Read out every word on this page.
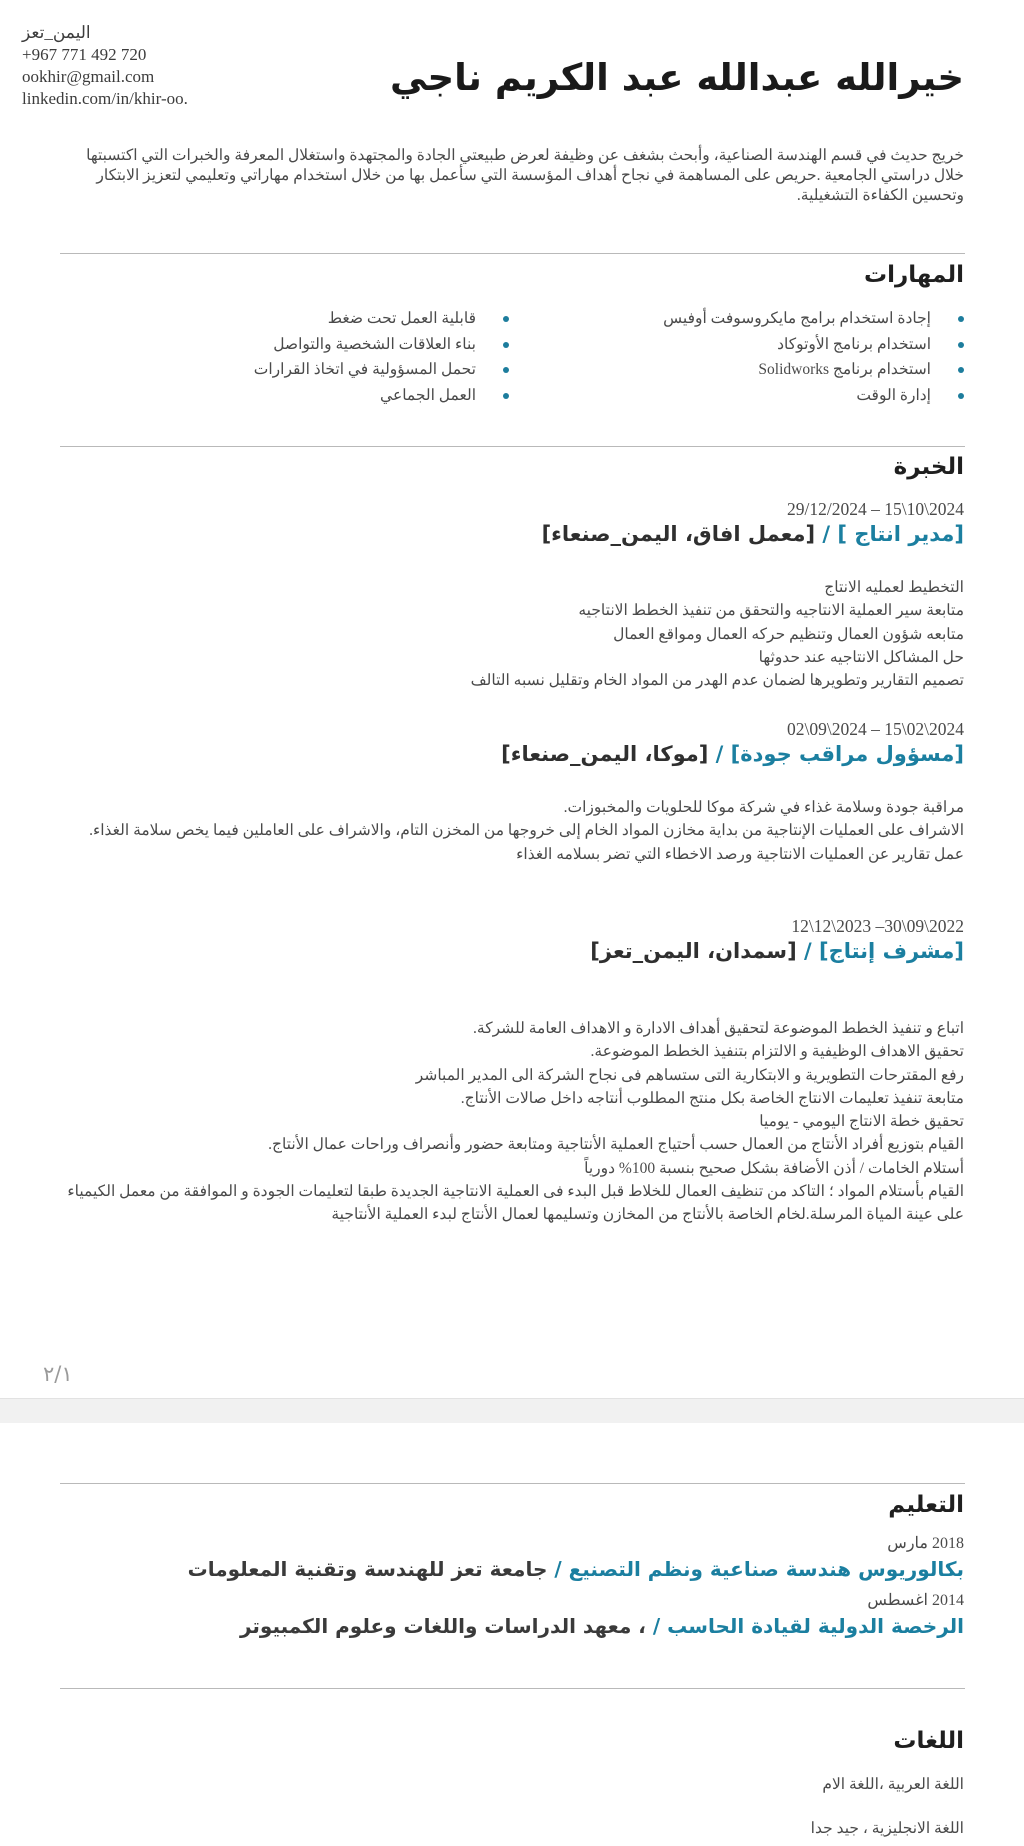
اليمن_تعز
+967 771 492 720
ookhir@gmail.com
linkedin.com/in/khir-oo.	خيرالله عبدالله عبد الكريم ناجي
خريج حديث في قسم الهندسة الصناعية، وأبحث بشغف عن وظيفة لعرض طبيعتي الجادة والمجتهدة واستغلال المعرفة والخبرات التي اكتسبتها خلال دراستي الجامعية .حريص على المساهمة في نجاح أهداف المؤسسة التي سأعمل بها من خلال استخدام مهاراتي وتعليمي لتعزيز الابتكار وتحسين الكفاءة التشغيلية.
المهارات
إجادة استخدام برامج مايكروسوفت أوفيس
استخدام برنامج الأوتوكاد
استخدام برنامج Solidworks
إدارة الوقت
قابلية العمل تحت ضغط
بناء العلاقات الشخصية والتواصل
تحمل المسؤولية في اتخاذ القرارات
العمل الجماعي
الخبرة
29/12/2024 – 15\10\2024
[مدير انتاج ] / [معمل افاق، اليمن_صنعاء]
التخطيط لعمليه الانتاج
متابعة سير العملية الانتاجيه والتحقق من تنفيذ الخطط الانتاجيه
متابعه شؤون العمال وتنظيم حركه العمال ومواقع العمال
حل المشاكل الانتاجيه عند حدوثها
تصميم التقارير وتطويرها لضمان عدم الهدر من المواد الخام وتقليل نسبه التالف
02\09\2024 – 15\02\2024
[مسؤول مراقب جودة] / [موكا، اليمن_صنعاء]
مراقبة جودة وسلامة غذاء في شركة موكا للحلويات والمخبوزات.
الاشراف على العمليات الإنتاجية من بداية مخازن المواد الخام إلى خروجها من المخزن التام، والاشراف على العاملين فيما يخص سلامة الغذاء.
عمل تقارير عن العمليات الانتاجية ورصد الاخطاء التي تضر بسلامه الغذاء
12\12\2023 –30\09\2022
[مشرف إنتاج] / [سمدان، اليمن_تعز]
اتباع و تنفيذ الخطط الموضوعة لتحقيق أهداف الادارة و الاهداف العامة للشركة.
تحقيق الاهداف الوظيفية و الالتزام بتنفيذ الخطط الموضوعة.
رفع المقترحات التطويرية و الابتكارية التى ستساهم فى نجاح الشركة الى المدير المباشر
متابعة تنفيذ تعليمات الانتاج الخاصة بكل منتج المطلوب أنتاجه داخل صالات الأنتاج.
تحقيق خطة الانتاج اليومي - يوميا
القيام بتوزيع أفراد الأنتاج من العمال حسب أحتياج العملية الأنتاجية ومتابعة حضور وأنصراف وراحات عمال الأنتاج.
أستلام الخامات / أذن الأضافة بشكل صحيح بنسبة 100% دورياً
القيام بأستلام المواد ؛ التاكد من تنظيف العمال للخلاط قبل البدء فى العملية الانتاجية الجديدة طبقا لتعليمات الجودة و الموافقة من معمل الكيمياء على عينة المياة المرسلة.لخام الخاصة بالأنتاج من المخازن وتسليمها لعمال الأنتاج لبدء العملية الأنتاجية
٢/١
التعليم
2018 مارس
بكالوريوس هندسة صناعية ونظم التصنيع / جامعة تعز للهندسة وتقنية المعلومات
2014 اغسطس
الرخصة الدولية لقيادة الحاسب / ، معهد الدراسات واللغات وعلوم الكمبيوتر
اللغات
اللغة العربية ،اللغة الام
اللغة الانجليزية ، جيد جدا
